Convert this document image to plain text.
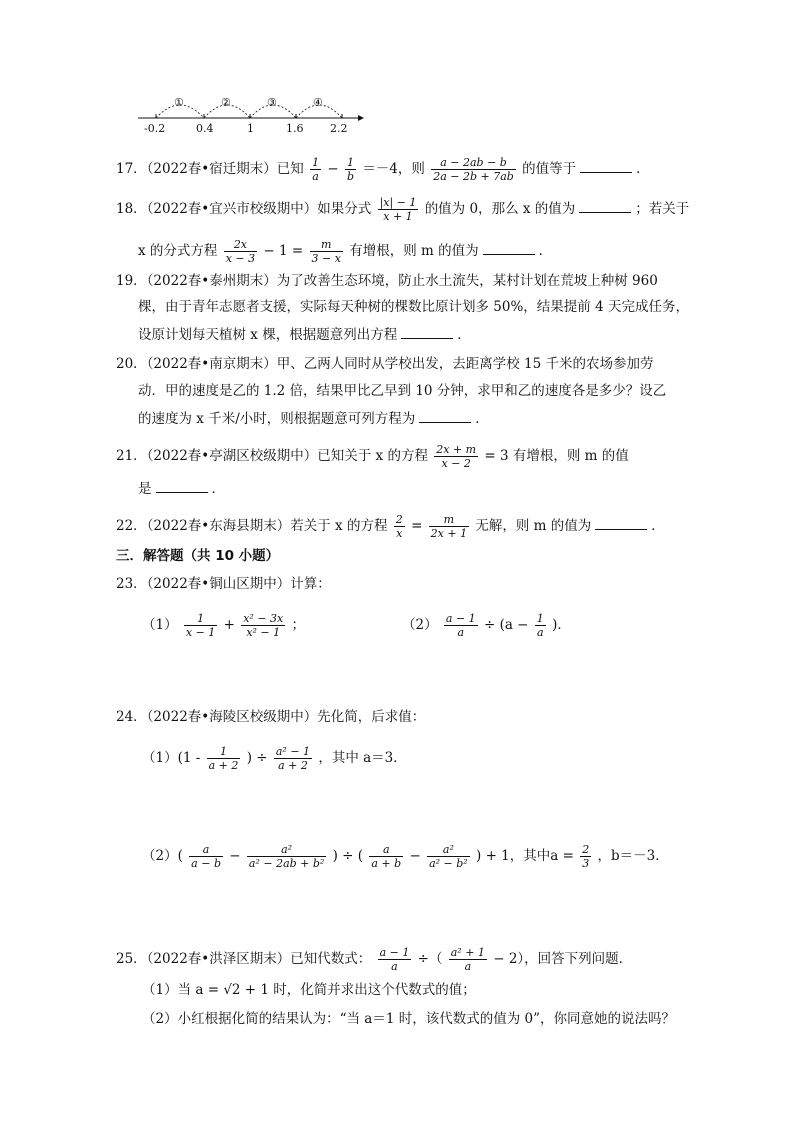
①	②	③	④
-0.2	0.4	1	1.6 2.2
17．（2022春•宿迁期末）已知 $\frac{1}{a} - \frac{1}{b} =-4$，则 $\frac{a - 2ab - b}{2a - 2b + 7ab}$ 的值等于	．
18．（2022春•宜兴市校级期中）如果分式 $\frac{|x| - 1}{x + 1}$ 的值为 0，那么 x 的值为	；若关于
x 的分式方程 $\frac{2x}{x - 3} - 1 = \frac{m}{3 - x}$ 有增根，则 m 的值为	．
19．（2022春•泰州期末）为了改善生态环境，防止水土流失，某村计划在荒坡上种树 960
棵，由于青年志愿者支援，实际每天种树的棵数比原计划多 50%，结果提前 4 天完成任务，
设原计划每天植树 x 棵，根据题意列出方程	．
20．（2022春•南京期末）甲、乙两人同时从学校出发，去距离学校 15 千米的农场参加劳
动．甲的速度是乙的 1.2 倍，结果甲比乙早到 10 分钟，求甲和乙的速度各是多少？设乙
的速度为 x 千米/小时，则根据题意可列方程为	．
21．（2022春•亭湖区校级期中）已知关于 x 的方程 $\frac{2x + m}{x - 2} = 3$ 有增根，则 m 的值
是	．
22．（2022春•东海县期末）若关于 x 的方程 $\frac{2}{x} = \frac{m}{2x + 1}$ 无解，则 m 的值为	．
三．解答题（共 10 小题）
23．（2022春•铜山区期中）计算：
$(1) \frac{1}{x - 1} + \frac{\text{x² − 3x}}{\text{x² − 1}}$ ；	$(2) \frac{a - 1}{a} \div (a - \frac{1}{a}$ )．
24．（2022春•海陵区校级期中）先化简，后求值：
$(1)(1 - \frac{1}{a + 2}$ ) ÷ $\frac{\text{a² − 1}}{a + 2}$ ，其中 a＝3．
$(2)( \frac{a}{a - b} - \frac{\text{a²}}{\text{a² − 2ab + b²}}$ ) ÷ ( $\frac{a}{a + b} - \frac{\text{a²}}{\text{a² − b²}}$ ) + 1，其中$a = \frac{2}{3}$ ，b＝－3．
25．（2022春•洪泽区期末）已知代数式： $\frac{a - 1}{a}$ ÷（ $\frac{\text{a² + 1}}{a} - 2$），回答下列问题．
（1）当 a = √2 + 1 时，化简并求出这个代数式的值；
（2）小红根据化简的结果认为：“当 a＝1 时，该代数式的值为 0”，你同意她的说法吗？
